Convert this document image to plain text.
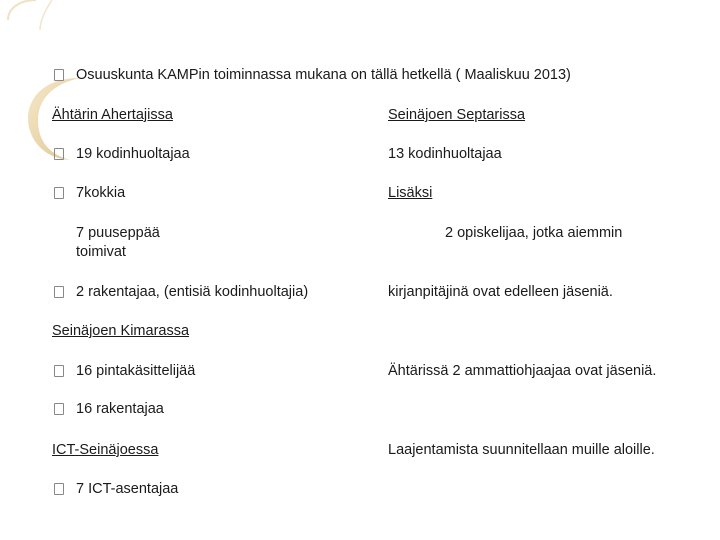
Osuuskunta KAMPin toiminnassa mukana on tällä hetkellä ( Maaliskuu 2013)
Ähtärin Ahertajissa
19 kodinhuoltajaa
7kokkia
7 puuseppää
toimivat
2 rakentajaa, (entisiä kodinhuoltajia)
Seinäjoen Kimarassa
16 pintakäsittelijää
16 rakentajaa
ICT-Seinäjoessa
7 ICT-asentajaa
Seinäjoen Septarissa
13 kodinhuoltajaa
Lisäksi
2 opiskelijaa, jotka aiemmin
kirjanpitäjinä ovat edelleen jäseniä.
Ähtärissä 2 ammattiohjaajaa ovat jäseniä.
Laajentamista suunnitellaan muille aloille.
